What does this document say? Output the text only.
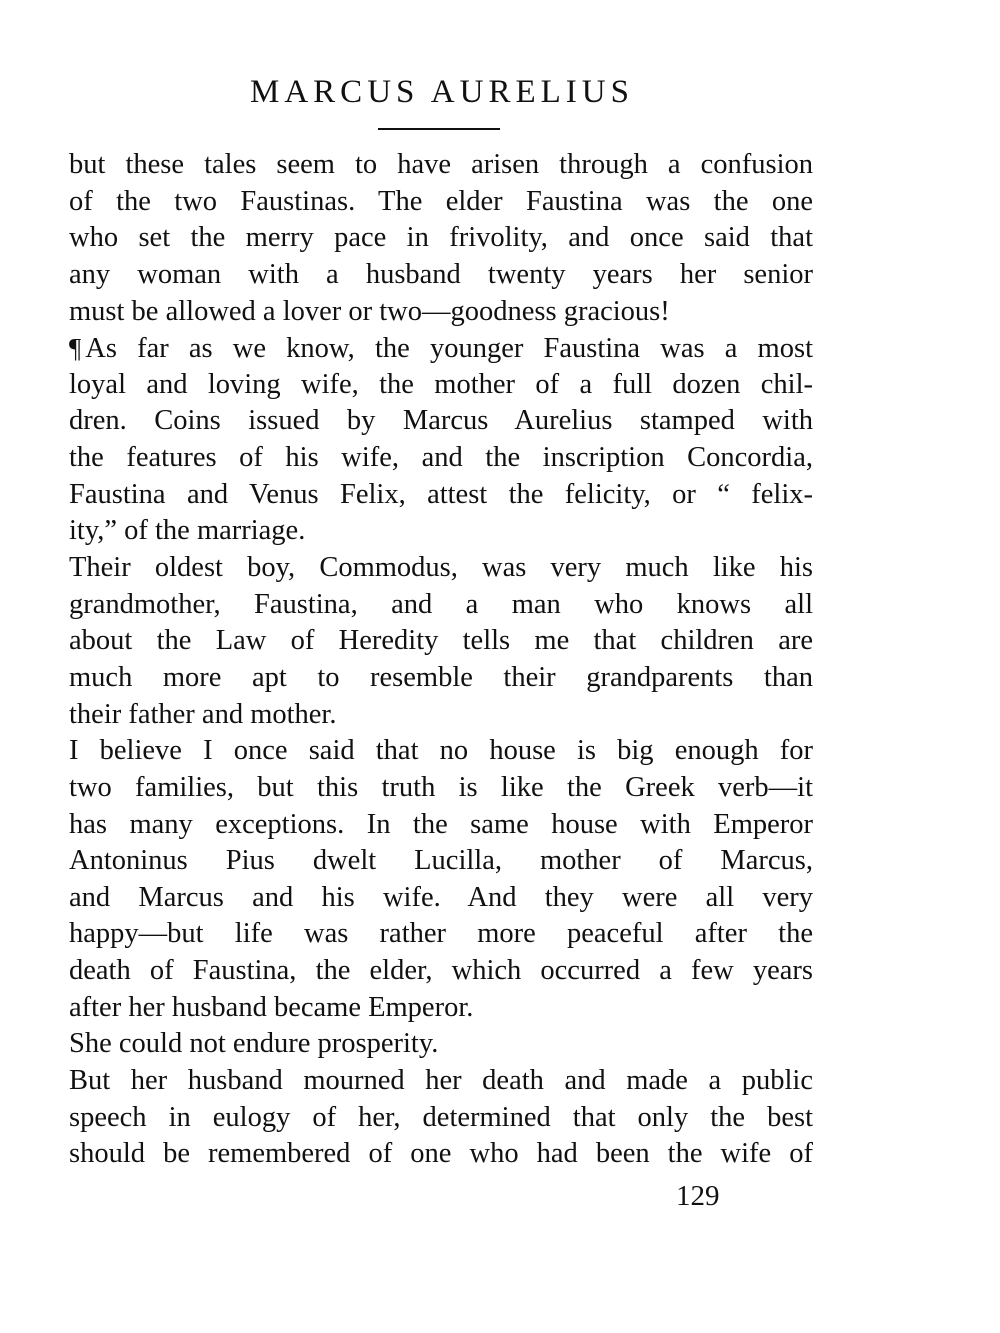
MARCUS AURELIUS
but these tales seem to have arisen through a confusion
of the two Faustinas. The elder Faustina was the one
who set the merry pace in frivolity, and once said that
any woman with a husband twenty years her senior
must be allowed a lover or two—goodness gracious!
¶ As far as we know, the younger Faustina was a most
loyal and loving wife, the mother of a full dozen chil-
dren. Coins issued by Marcus Aurelius stamped with
the features of his wife, and the inscription Concordia,
Faustina and Venus Felix, attest the felicity, or “ felix-
ity,” of the marriage.
Their oldest boy, Commodus, was very much like his
grandmother, Faustina, and a man who knows all
about the Law of Heredity tells me that children are
much more apt to resemble their grandparents than
their father and mother.
I believe I once said that no house is big enough for
two families, but this truth is like the Greek verb—it
has many exceptions. In the same house with Emperor
Antoninus Pius dwelt Lucilla, mother of Marcus,
and Marcus and his wife. And they were all very
happy—but life was rather more peaceful after the
death of Faustina, the elder, which occurred a few years
after her husband became Emperor.
She could not endure prosperity.
But her husband mourned her death and made a public
speech in eulogy of her, determined that only the best
should be remembered of one who had been the wife of
129
